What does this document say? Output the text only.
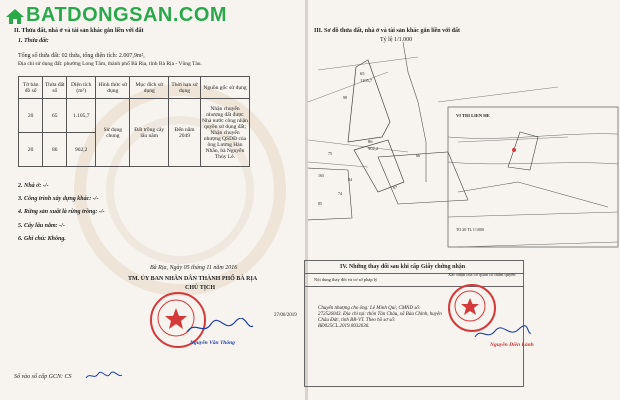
BATDONGSAN.COM
II. Thửa đất, nhà ở và tài sản khác gắn liền với đất
1. Thửa đất:
Tổng số thửa đất: 02 thửa, tổng diện tích: 2.007,9m²,
Địa chỉ sử dụng đất: phường Long Tâm, thành phố Bà Rịa, tỉnh Bà Rịa - Vũng Tàu.
Tờ bản đồ số	Thửa đất số	Diện tích (m²)	Hình thức sử dụng	Mục đích sử dụng	Thời hạn sử dụng	Nguồn gốc sử dụng
20	65	1.105,7	Sử dụng chung	Đất trồng cây lâu năm	Đến năm 2049	Nhận chuyển nhượng đất được Nhà nước công nhận quyền sử dụng đất; Nhận chuyển nhượng QSDĐ của ông Lương Hán Nhân, bà Nguyễn Thùy Lê.
20	86	902,2				
2. Nhà ở: -/-
3. Công trình xây dựng khác: -/-
4. Rừng sản xuất là rừng trồng: -/-
5. Cây lâu năm: -/-
6. Ghi chú: Không.
Bà Rịa, Ngày 05 tháng 11 năm 2016
TM. ỦY BAN NHÂN DÂN THÀNH PHỐ BÀ RỊA
CHỦ TỊCH
Nguyễn Văn Thông
Số vào sổ cấp GCN: CS
III. Sơ đồ thửa đất, nhà ở và tài sản khác gắn liền với đất
Tỷ lệ 1/1.000
65
1105,7
86
902,2
VI TRI LIEN HE
TO 20 TL 1/1000
98
75	66
165
84
85
67
74
IV. Những thay đổi sau khi cấp Giấy chứng nhận
Nội dung thay đổi và cơ sở pháp lý
Xác nhận của cơ quan có thẩm quyền
27/06/2019
Chuyển nhượng cho ông: Lê Minh Quí; CMND số: 272526043. Địa chỉ tại: thôn Tân Châu, xã Bàu Chinh, huyện Châu Đức, tỉnh BR-VT. Theo hồ sơ số: BĐ025CL.2019.0032636.
Nguyễn Điền Lành
